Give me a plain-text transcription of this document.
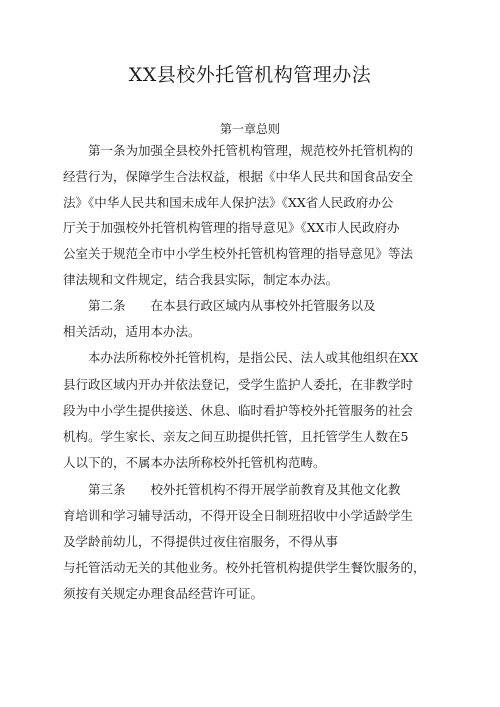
XX县校外托管机构管理办法
第一章总则
第一条为加强全县校外托管机构管理，规范校外托管机构的
经营行为，保障学生合法权益，根据《中华人民共和国食品安全
法》《中华人民共和国未成年人保护法》《XX省人民政府办公
厅关于加强校外托管机构管理的指导意见》《XX市人民政府办
公室关于规范全市中小学生校外托管机构管理的指导意见》等法
律法规和文件规定，结合我县实际，制定本办法。
第二条　　在本县行政区域内从事校外托管服务以及
相关活动，适用本办法。
本办法所称校外托管机构，是指公民、法人或其他组织在XX
县行政区域内开办并依法登记，受学生监护人委托，在非教学时
段为中小学生提供接送、休息、临时看护等校外托管服务的社会
机构。学生家长、亲友之间互助提供托管，且托管学生人数在5
人以下的，不属本办法所称校外托管机构范畴。
第三条　　校外托管机构不得开展学前教育及其他文化教
育培训和学习辅导活动，不得开设全日制班招收中小学适龄学生
及学龄前幼儿，不得提供过夜住宿服务，不得从事
与托管活动无关的其他业务。校外托管机构提供学生餐饮服务的，
须按有关规定办理食品经营许可证。
